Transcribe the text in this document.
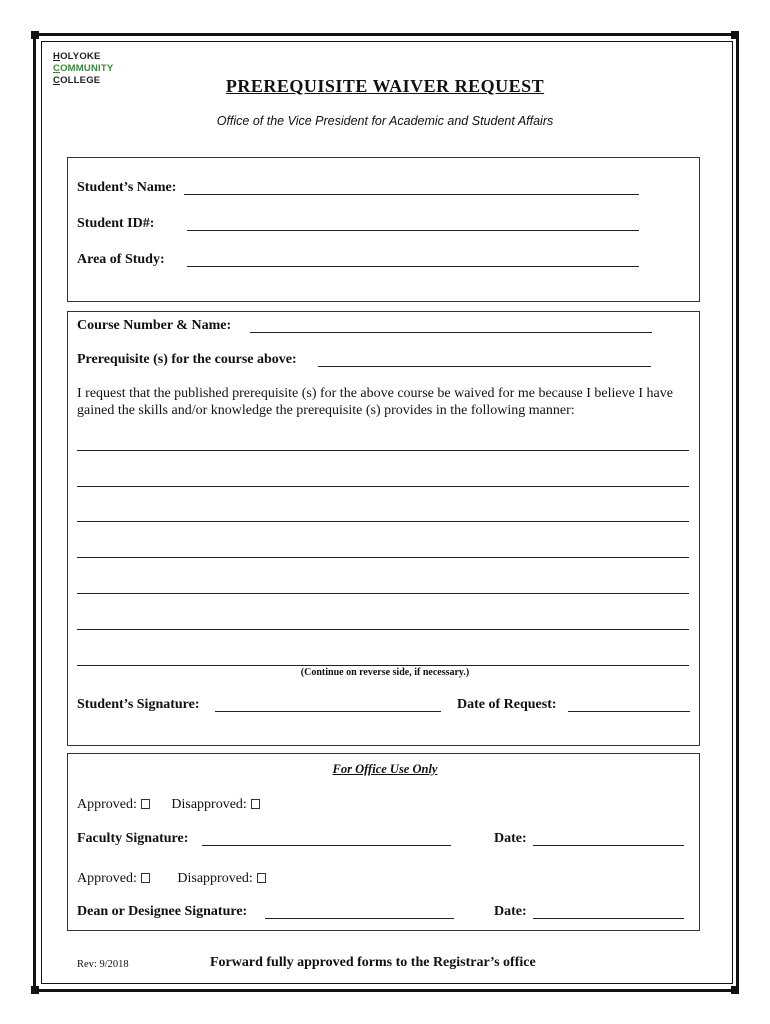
HOLYOKE
COMMUNITY
COLLEGE	PREREQUISITE WAIVER REQUEST
Office of the Vice President for Academic and Student Affairs
Student’s Name:
Student ID#:
Area of Study:
Course Number & Name:
Prerequisite (s) for the course above:
I request that the published prerequisite (s) for the above course be waived for me because I believe I have gained the skills and/or knowledge the prerequisite (s) provides in the following manner:
(Continue on reverse side, if necessary.)
Student’s Signature:	Date of Request:
For Office Use Only
Approved: Disapproved:
Faculty Signature:	Date:
Approved:	Disapproved:
Dean or Designee Signature:	Date:
Rev: 9/2018	Forward fully approved forms to the Registrar’s office
